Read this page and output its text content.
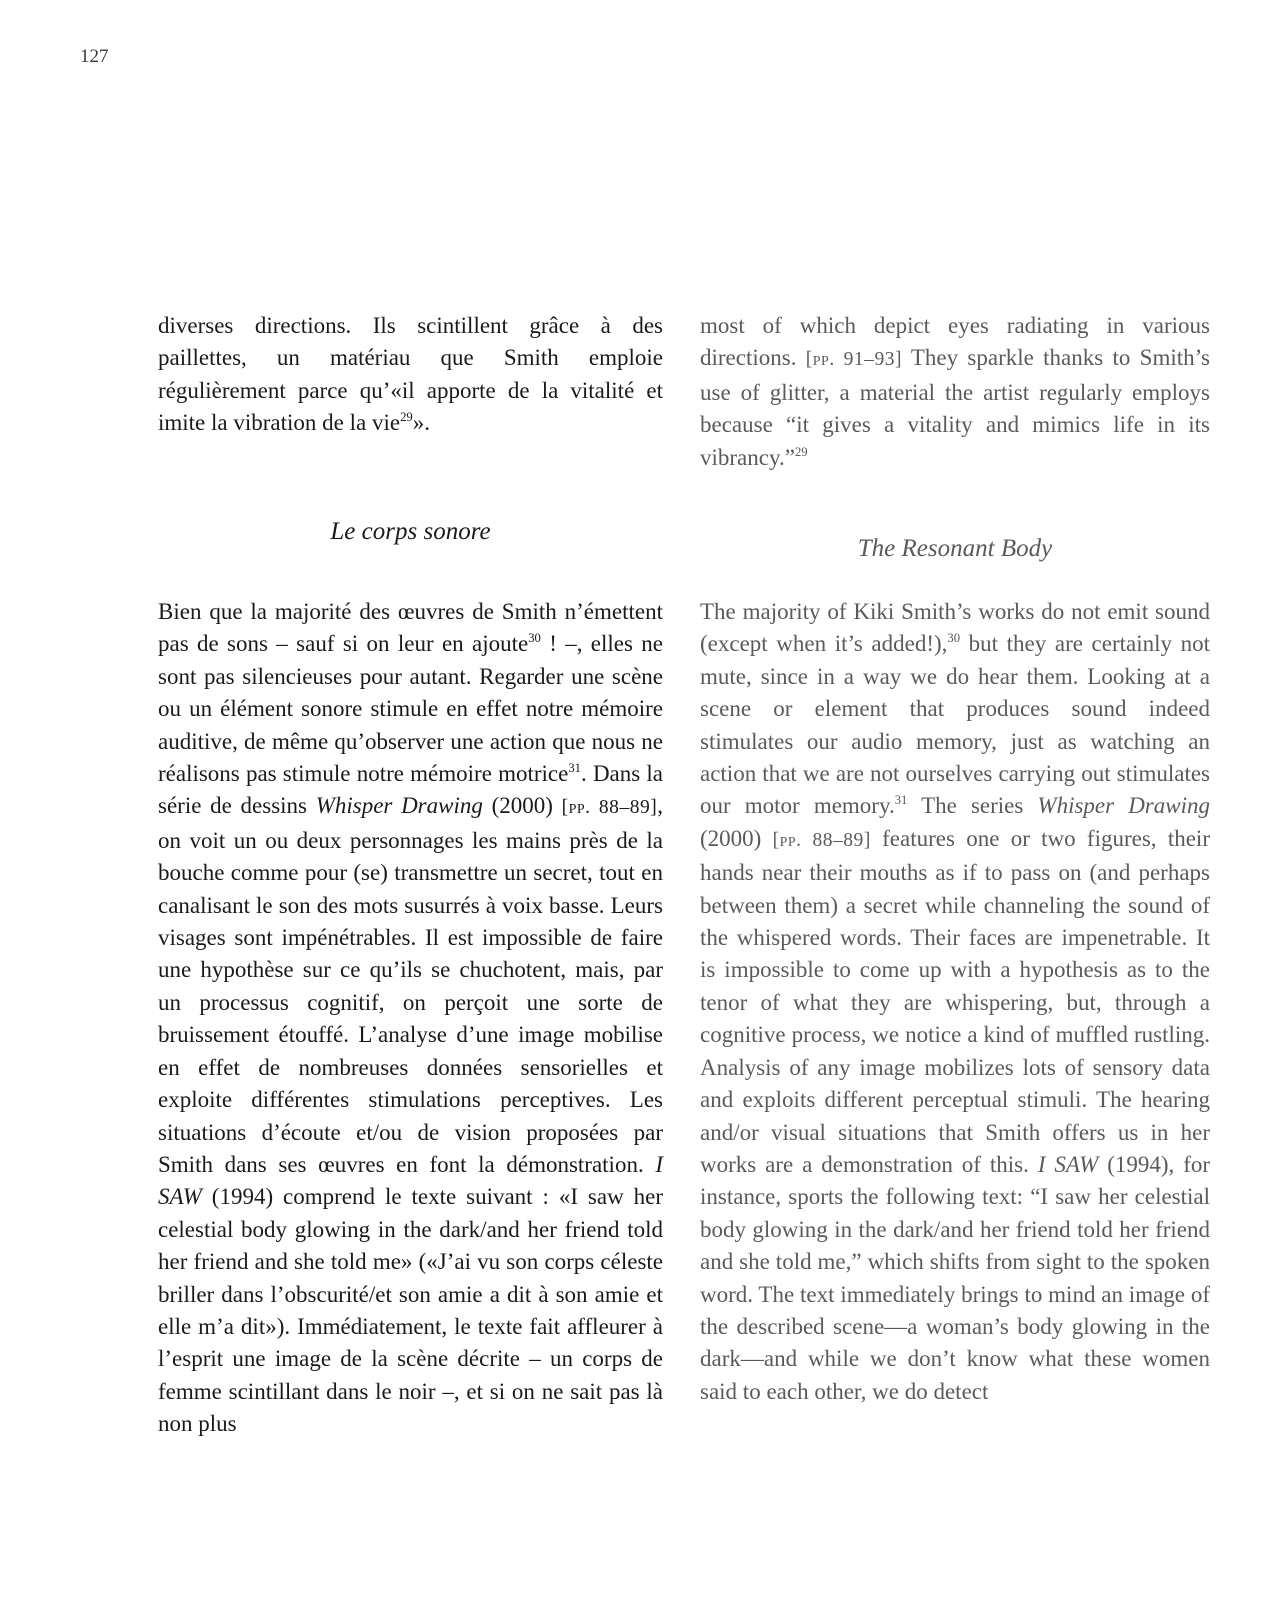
127

diverses directions. Ils scintillent grâce à des paillettes, un matériau que Smith emploie régulièrement parce qu’«il apporte de la vitalité et imite la vibration de la vie$^{29}$».

most of which depict eyes radiating in various directions. [pp. 91–93] They sparkle thanks to Smith’s use of glitter, a material the artist regularly employs because “it gives a vitality and mimics life in its vibrancy.”$^{29}$

Le corps sonore
The Resonant Body

Bien que la majorité des œuvres de Smith n’émettent pas de sons – sauf si on leur en ajoute$^{30}$ ! –, elles ne sont pas silencieuses pour autant. Regarder une scène ou un élément sonore stimule en effet notre mémoire auditive, de même qu’observer une action que nous ne réalisons pas stimule notre mémoire motrice$^{31}$. Dans la série de dessins Whisper Drawing (2000) [pp. 88–89], on voit un ou deux personnages les mains près de la bouche comme pour (se) transmettre un secret, tout en canalisant le son des mots susurrés à voix basse. Leurs visages sont impénétrables. Il est impossible de faire une hypothèse sur ce qu’ils se chuchotent, mais, par un processus cognitif, on perçoit une sorte de bruissement étouffé. L’analyse d’une image mobilise en effet de nombreuses données sensorielles et exploite différentes stimulations perceptives. Les situations d’écoute et/ou de vision proposées par Smith dans ses œuvres en font la démonstration. I SAW (1994) comprend le texte suivant : «I saw her celestial body glowing in the dark/and her friend told her friend and she told me» («J’ai vu son corps céleste briller dans l’obscurité/et son amie a dit à son amie et elle m’a dit»). Immédiatement, le texte fait affleurer à l’esprit une image de la scène décrite – un corps de femme scintillant dans le noir –, et si on ne sait pas là non plus

The majority of Kiki Smith’s works do not emit sound (except when it’s added!),$^{30}$ but they are certainly not mute, since in a way we do hear them. Looking at a scene or element that produces sound indeed stimulates our audio memory, just as watching an action that we are not ourselves carrying out stimulates our motor memory.$^{31}$ The series Whisper Drawing (2000) [pp. 88–89] features one or two figures, their hands near their mouths as if to pass on (and perhaps between them) a secret while channeling the sound of the whispered words. Their faces are impenetrable. It is impossible to come up with a hypothesis as to the tenor of what they are whispering, but, through a cognitive process, we notice a kind of muffled rustling. Analysis of any image mobilizes lots of sensory data and exploits different perceptual stimuli. The hearing and/or visual situations that Smith offers us in her works are a demonstration of this. I SAW (1994), for instance, sports the following text: “I saw her celestial body glowing in the dark/and her friend told her friend and she told me,” which shifts from sight to the spoken word. The text immediately brings to mind an image of the described scene—a woman’s body glowing in the dark—and while we don’t know what these women said to each other, we do detect
